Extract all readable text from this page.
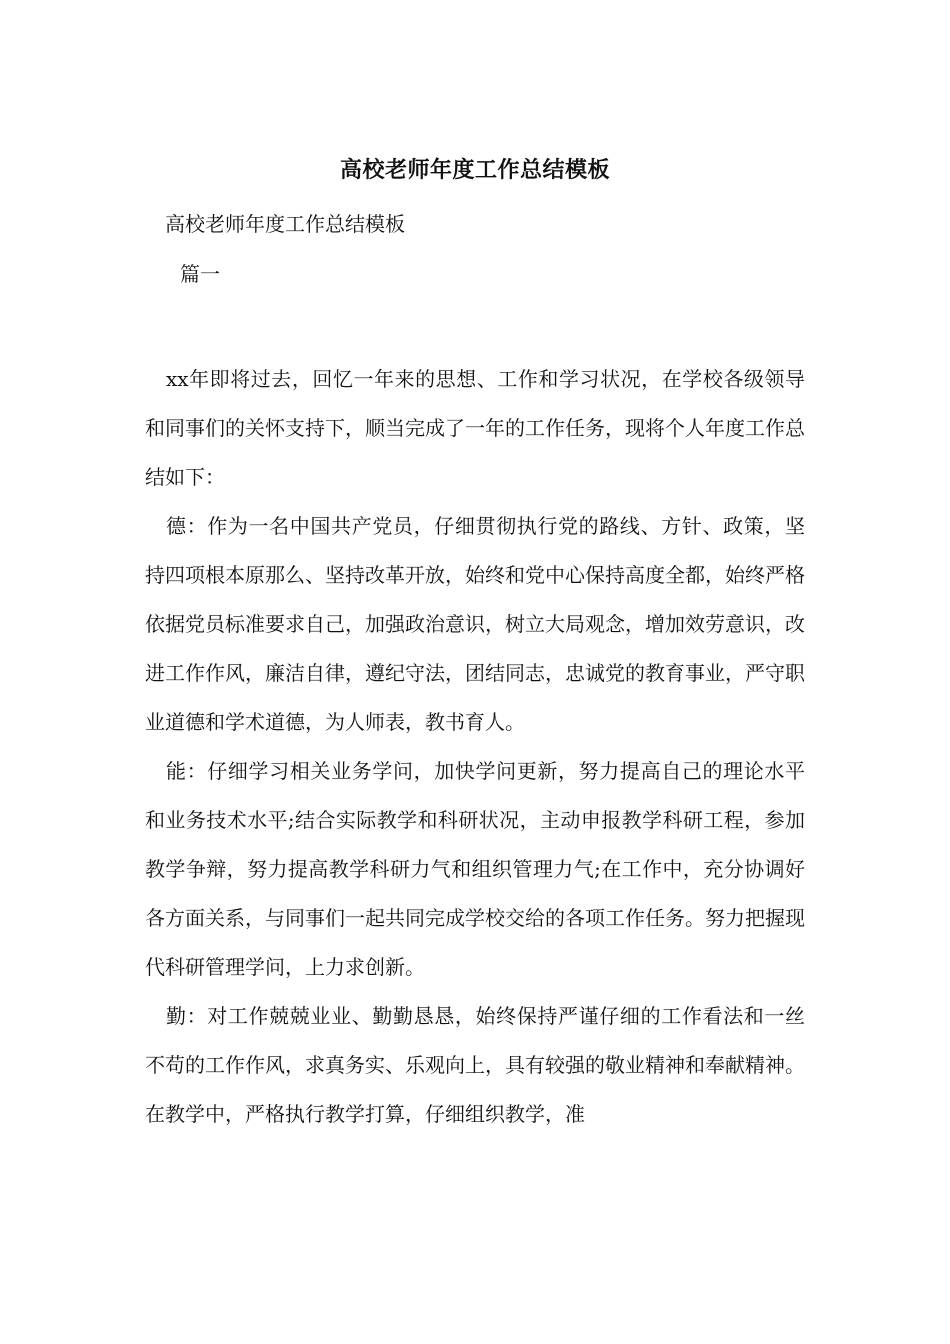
高校老师年度工作总结模板
高校老师年度工作总结模板
篇一

xx年即将过去，回忆一年来的思想、工作和学习状况，在学校各级领导和同事们的关怀支持下，顺当完成了一年的工作任务，现将个人年度工作总结如下：

德：作为一名中国共产党员，仔细贯彻执行党的路线、方针、政策，坚持四项根本原那么、坚持改革开放，始终和党中心保持高度全都，始终严格依据党员标准要求自己，加强政治意识，树立大局观念，增加效劳意识，改进工作作风，廉洁自律，遵纪守法，团结同志，忠诚党的教育事业，严守职业道德和学术道德，为人师表，教书育人。

能：仔细学习相关业务学问，加快学问更新，努力提高自己的理论水平和业务技术水平;结合实际教学和科研状况，主动申报教学科研工程，参加教学争辩，努力提高教学科研力气和组织管理力气;在工作中，充分协调好各方面关系，与同事们一起共同完成学校交给的各项工作任务。努力把握现代科研管理学问，上力求创新。

勤：对工作兢兢业业、勤勤恳恳，始终保持严谨仔细的工作看法和一丝不苟的工作作风，求真务实、乐观向上，具有较强的敬业精神和奉献精神。在教学中，严格执行教学打算，仔细组织教学，准
